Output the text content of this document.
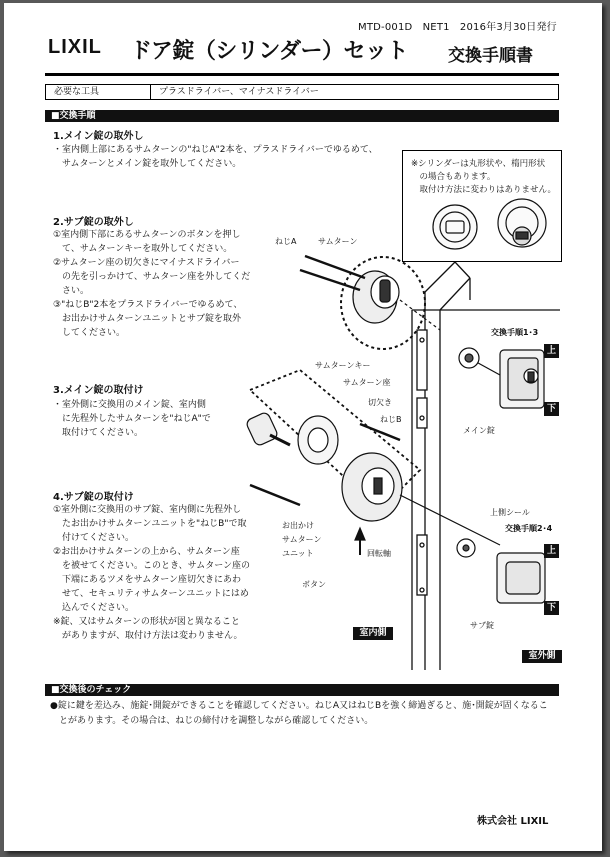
MTD-001D　NET1　2016年3月30日発行
LIXIL ドア錠（シリンダー）セット 交換手順書
必要な工具	プラスドライバー、マイナスドライバー
■交換手順
1.メイン錠の取外し
・室内側上部にあるサムターンの"ねじA"2本を、プラスドライバーでゆるめて、
　サムターンとメイン錠を取外してください。
2.サブ錠の取外し
①室内側下部にあるサムターンのボタンを押し
　て、サムターンキーを取外してください。
②サムターン座の切欠きにマイナスドライバー
　の先を引っかけて、サムターン座を外してくだ
　さい。
③"ねじB"2本をプラスドライバーでゆるめて、
　お出かけサムターンユニットとサブ錠を取外
　してください。
3.メイン錠の取付け
・室外側に交換用のメイン錠、室内側
　に先程外したサムターンを"ねじA"で
　取付けてください。
4.サブ錠の取付け
①室外側に交換用のサブ錠、室内側に先程外し
　たお出かけサムターンユニットを"ねじB"で取
　付けてください。
②お出かけサムターンの上から、サムターン座
　を被せてください。このとき、サムターン座の
　下端にあるツメをサムターン座切欠きにあわ
　せて、セキュリティサムターンユニットにはめ
　込んでください。
※錠、又はサムターンの形状が図と異なること
　がありますが、取付け方法は変わりません。
※シリンダーは丸形状や、楕円形状
　の場合もあります。
　取付け方法に変わりはありません。
ねじA	サムターン
サムターンキー
サムターン座
切欠き
ねじB
交換手順1･3
メイン錠
上側シール
交換手順2･4
お出かけ
サムターン
ユニット	回転軸
ボタン
サブ錠
上
下
上
下
室内側
室外側
■交換後のチェック
●錠に鍵を差込み、施錠･開錠ができることを確認してください。ねじA又はねじBを強く締過ぎると、施･開錠が固くなるこ
　とがあります。その場合は、ねじの締付けを調整しながら確認してください。
株式会社 LIXIL
